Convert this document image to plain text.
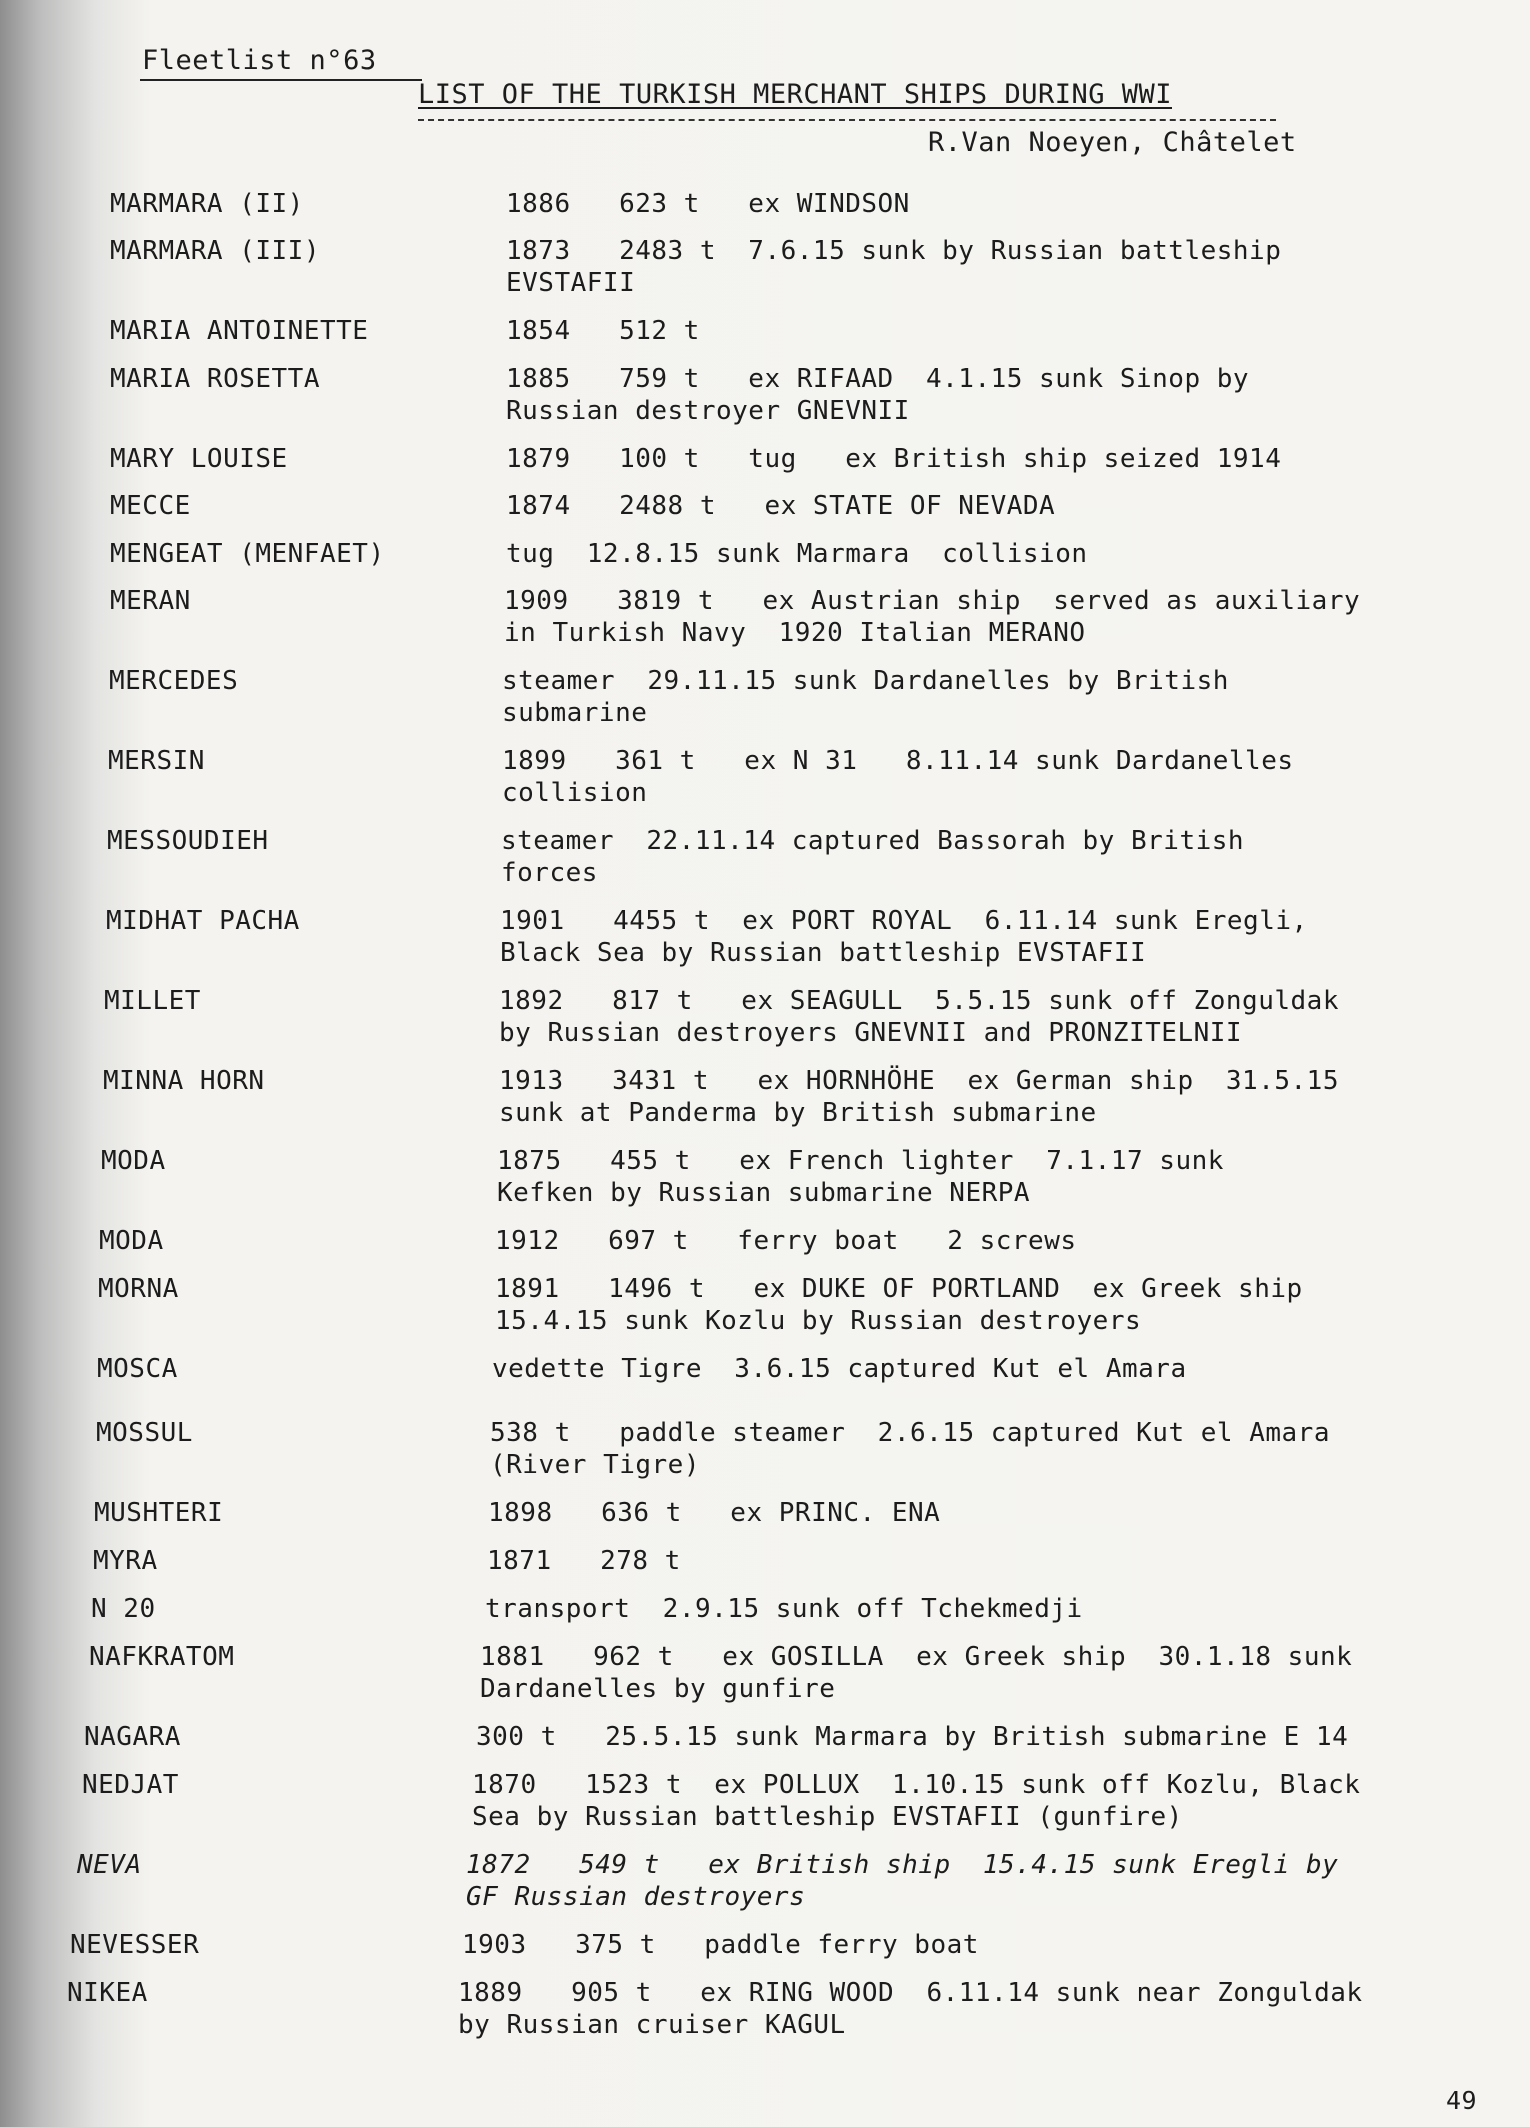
Fleetlist n°63
LIST OF THE TURKISH MERCHANT SHIPS DURING WWI
R.Van Noeyen, Châtelet
MARMARA (II)	1886   623 t   ex WINDSON
MARMARA (III)	1873   2483 t  7.6.15 sunk by Russian battleship
EVSTAFII
MARIA ANTOINETTE	1854   512 t
MARIA ROSETTA	1885   759 t   ex RIFAAD  4.1.15 sunk Sinop by
Russian destroyer GNEVNII
MARY LOUISE	1879   100 t   tug   ex British ship seized 1914
MECCE	1874   2488 t   ex STATE OF NEVADA
MENGEAT (MENFAET)	tug  12.8.15 sunk Marmara  collision
MERAN	1909   3819 t   ex Austrian ship  served as auxiliary
in Turkish Navy  1920 Italian MERANO
MERCEDES	steamer  29.11.15 sunk Dardanelles by British
submarine
MERSIN	1899   361 t   ex N 31   8.11.14 sunk Dardanelles
collision
MESSOUDIEH	steamer  22.11.14 captured Bassorah by British
forces
MIDHAT PACHA	1901   4455 t  ex PORT ROYAL  6.11.14 sunk Eregli,
Black Sea by Russian battleship EVSTAFII
MILLET	1892   817 t   ex SEAGULL  5.5.15 sunk off Zonguldak
by Russian destroyers GNEVNII and PRONZITELNII
MINNA HORN	1913   3431 t   ex HORNHÖHE  ex German ship  31.5.15
sunk at Panderma by British submarine
MODA	1875   455 t   ex French lighter  7.1.17 sunk
Kefken by Russian submarine NERPA
MODA	1912   697 t   ferry boat   2 screws
MORNA	1891   1496 t   ex DUKE OF PORTLAND  ex Greek ship
15.4.15 sunk Kozlu by Russian destroyers
MOSCA	vedette Tigre  3.6.15 captured Kut el Amara
MOSSUL	538 t   paddle steamer  2.6.15 captured Kut el Amara
(River Tigre)
MUSHTERI	1898   636 t   ex PRINC. ENA
MYRA	1871   278 t
N 20	transport  2.9.15 sunk off Tchekmedji
NAFKRATOM	1881   962 t   ex GOSILLA  ex Greek ship  30.1.18 sunk
Dardanelles by gunfire
NAGARA	300 t   25.5.15 sunk Marmara by British submarine E 14
NEDJAT	1870   1523 t  ex POLLUX  1.10.15 sunk off Kozlu, Black
Sea by Russian battleship EVSTAFII (gunfire)
NEVA	1872   549 t   ex British ship  15.4.15 sunk Eregli by
GF Russian destroyers
NEVESSER	1903   375 t   paddle ferry boat
NIKEA	1889   905 t   ex RING WOOD  6.11.14 sunk near Zonguldak
by Russian cruiser KAGUL
49
